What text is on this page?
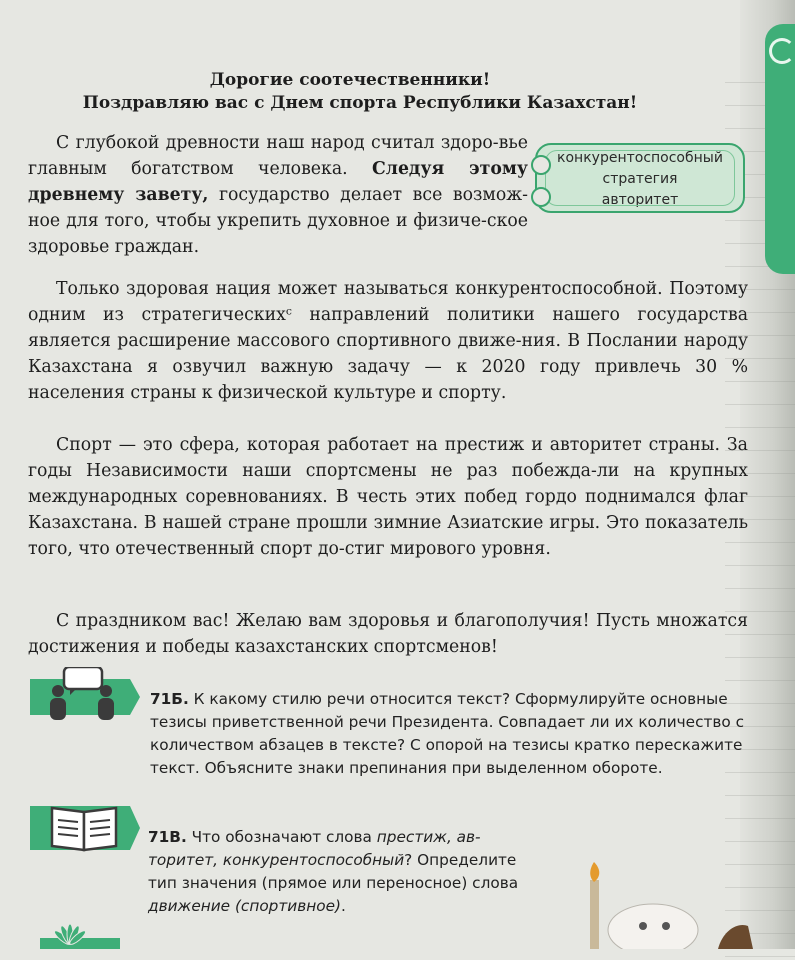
Дорогие соотечественники!
Поздравляю вас с Днем спорта Республики Казахстан!
С глубокой древности наш народ считал здоро-вье главным богатством человека. Следуя этому древнему завету, государство делает все возмож-ное для того, чтобы укрепить духовное и физиче-ское здоровье граждан.
конкурентоспособный
стратегия
авторитет
Только здоровая нация может называться конкурентоспособной. Поэтому одним из стратегическихᶜ направлений политики нашего государства является расширение массового спортивного движе-ния. В Послании народу Казахстана я озвучил важную задачу — к 2020 году привлечь 30 % населения страны к физической культуре и спорту.
Спорт — это сфера, которая работает на престиж и авторитет страны. За годы Независимости наши спортсмены не раз побежда-ли на крупных международных соревнованиях. В честь этих побед гордо поднимался флаг Казахстана. В нашей стране прошли зимние Азиатские игры. Это показатель того, что отечественный спорт до-стиг мирового уровня.
С праздником вас! Желаю вам здоровья и благополучия! Пусть множатся достижения и победы казахстанских спортсменов!
71Б. К какому стилю речи относится текст? Сформулируйте основные тезисы приветственной речи Президента. Совпадает ли их количество с количеством абзацев в тексте? С опорой на тезисы кратко перескажите текст. Объясните знаки препинания при выделенном обороте.
71В. Что обозначают слова престиж, ав-торитет, конкурентоспособный? Определите тип значения (прямое или переносное) слова движение (спортивное).
